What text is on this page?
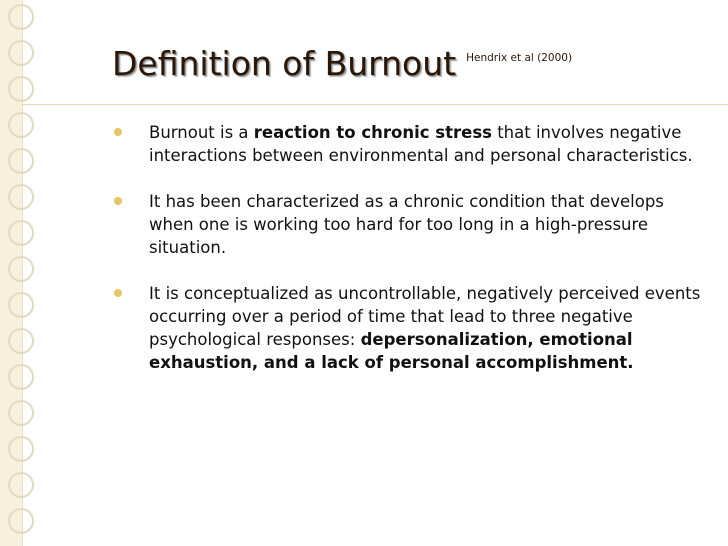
Definition of Burnout $^{Hendrix et al (2000)}$
Burnout is a reaction to chronic stress that involves negative interactions between environmental and personal characteristics.
It has been characterized as a chronic condition that develops when one is working too hard for too long in a high-pressure situation.
It is conceptualized as uncontrollable, negatively perceived events occurring over a period of time that lead to three negative psychological responses: depersonalization, emotional exhaustion, and a lack of personal accomplishment.
